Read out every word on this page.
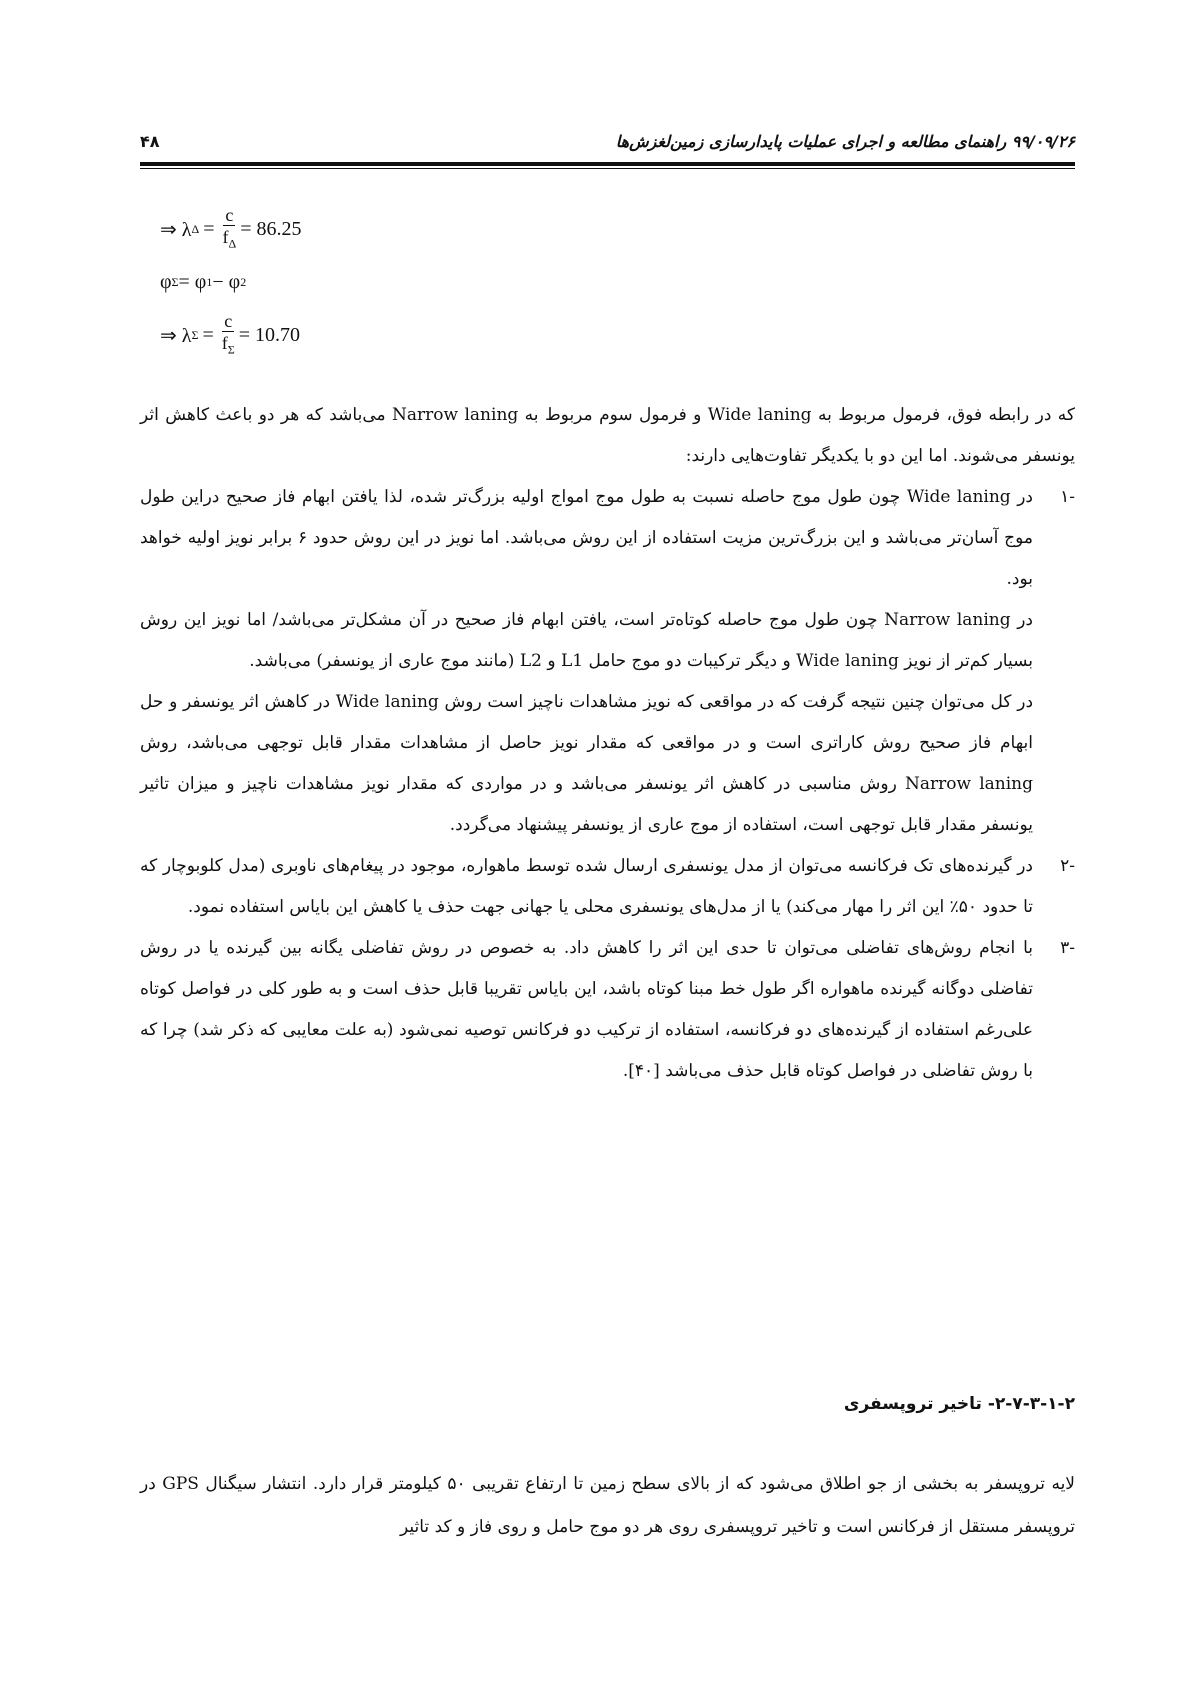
۴۸	۹۹/۰۹/۲۶ راهنمای مطالعه و اجرای عملیات پایدارسازی زمین‌لغزش‌ها
⇒ λ $\Delta = \frac{c}{f_\Delta} = 86.25$
φ Σ = φ 1 − φ 2
⇒ λ $\Sigma = \frac{c}{f_\Sigma} = 10.70$

که در رابطه فوق، فرمول مربوط به Wide laning و فرمول سوم مربوط به Narrow laning می‌باشد که هر دو باعث کاهش اثر یونسفر می‌شوند. اما این دو با یکدیگر تفاوت‌هایی دارند:

-۱

در Wide laning چون طول موج حاصله نسبت به طول موج امواج اولیه بزرگ‌تر شده، لذا یافتن ابهام فاز صحیح دراین طول موج آسان‌تر می‌باشد و این بزرگ‌ترین مزیت استفاده از این روش می‌باشد. اما نویز در این روش حدود ۶ برابر نویز اولیه خواهد بود.

در Narrow laning چون طول موج حاصله کوتاه‌تر است، یافتن ابهام فاز صحیح در آن مشکل‌تر می‌باشد/ اما نویز این روش بسیار کم‌تر از نویز Wide laning و دیگر ترکیبات دو موج حامل L1 و L2 (مانند موج عاری از یونسفر) می‌باشد.

در کل می‌توان چنین نتیجه گرفت که در مواقعی که نویز مشاهدات ناچیز است روش Wide laning در کاهش اثر یونسفر و حل ابهام فاز صحیح روش کاراتری است و در مواقعی که مقدار نویز حاصل از مشاهدات مقدار قابل توجهی می‌باشد، روش Narrow laning روش مناسبی در کاهش اثر یونسفر می‌باشد و در مواردی که مقدار نویز مشاهدات ناچیز و میزان تاثیر یونسفر مقدار قابل توجهی است، استفاده از موج عاری از یونسفر پیشنهاد می‌گردد.

-۲

در گیرنده‌های تک فرکانسه می‌توان از مدل یونسفری ارسال شده توسط ماهواره، موجود در پیغام‌های ناوبری (مدل کلوبوچار که تا حدود ۵۰٪ این اثر را مهار می‌کند) یا از مدل‌های یونسفری محلی یا جهانی جهت حذف یا کاهش این بایاس استفاده نمود.

-۳

با انجام روش‌های تفاضلی می‌توان تا حدی این اثر را کاهش داد. به خصوص در روش تفاضلی یگانه بین گیرنده یا در روش تفاضلی دوگانه گیرنده ماهواره اگر طول خط مبنا کوتاه باشد، این بایاس تقریبا قابل حذف است و به طور کلی در فواصل کوتاه علی‌رغم استفاده از گیرنده‌های دو فرکانسه، استفاده از ترکیب دو فرکانس توصیه نمی‌شود (به علت معایبی که ذکر شد) چرا که با روش تفاضلی در فواصل کوتاه قابل حذف می‌باشد [۴۰].

۲-۷-۳-۱-۲- تاخیر تروپسفری

لایه تروپسفر به بخشی از جو اطلاق می‌شود که از بالای سطح زمین تا ارتفاع تقریبی ۵۰ کیلومتر قرار دارد. انتشار سیگنال GPS در تروپسفر مستقل از فرکانس است و تاخیر تروپسفری روی هر دو موج حامل و روی فاز و کد تاثیر
